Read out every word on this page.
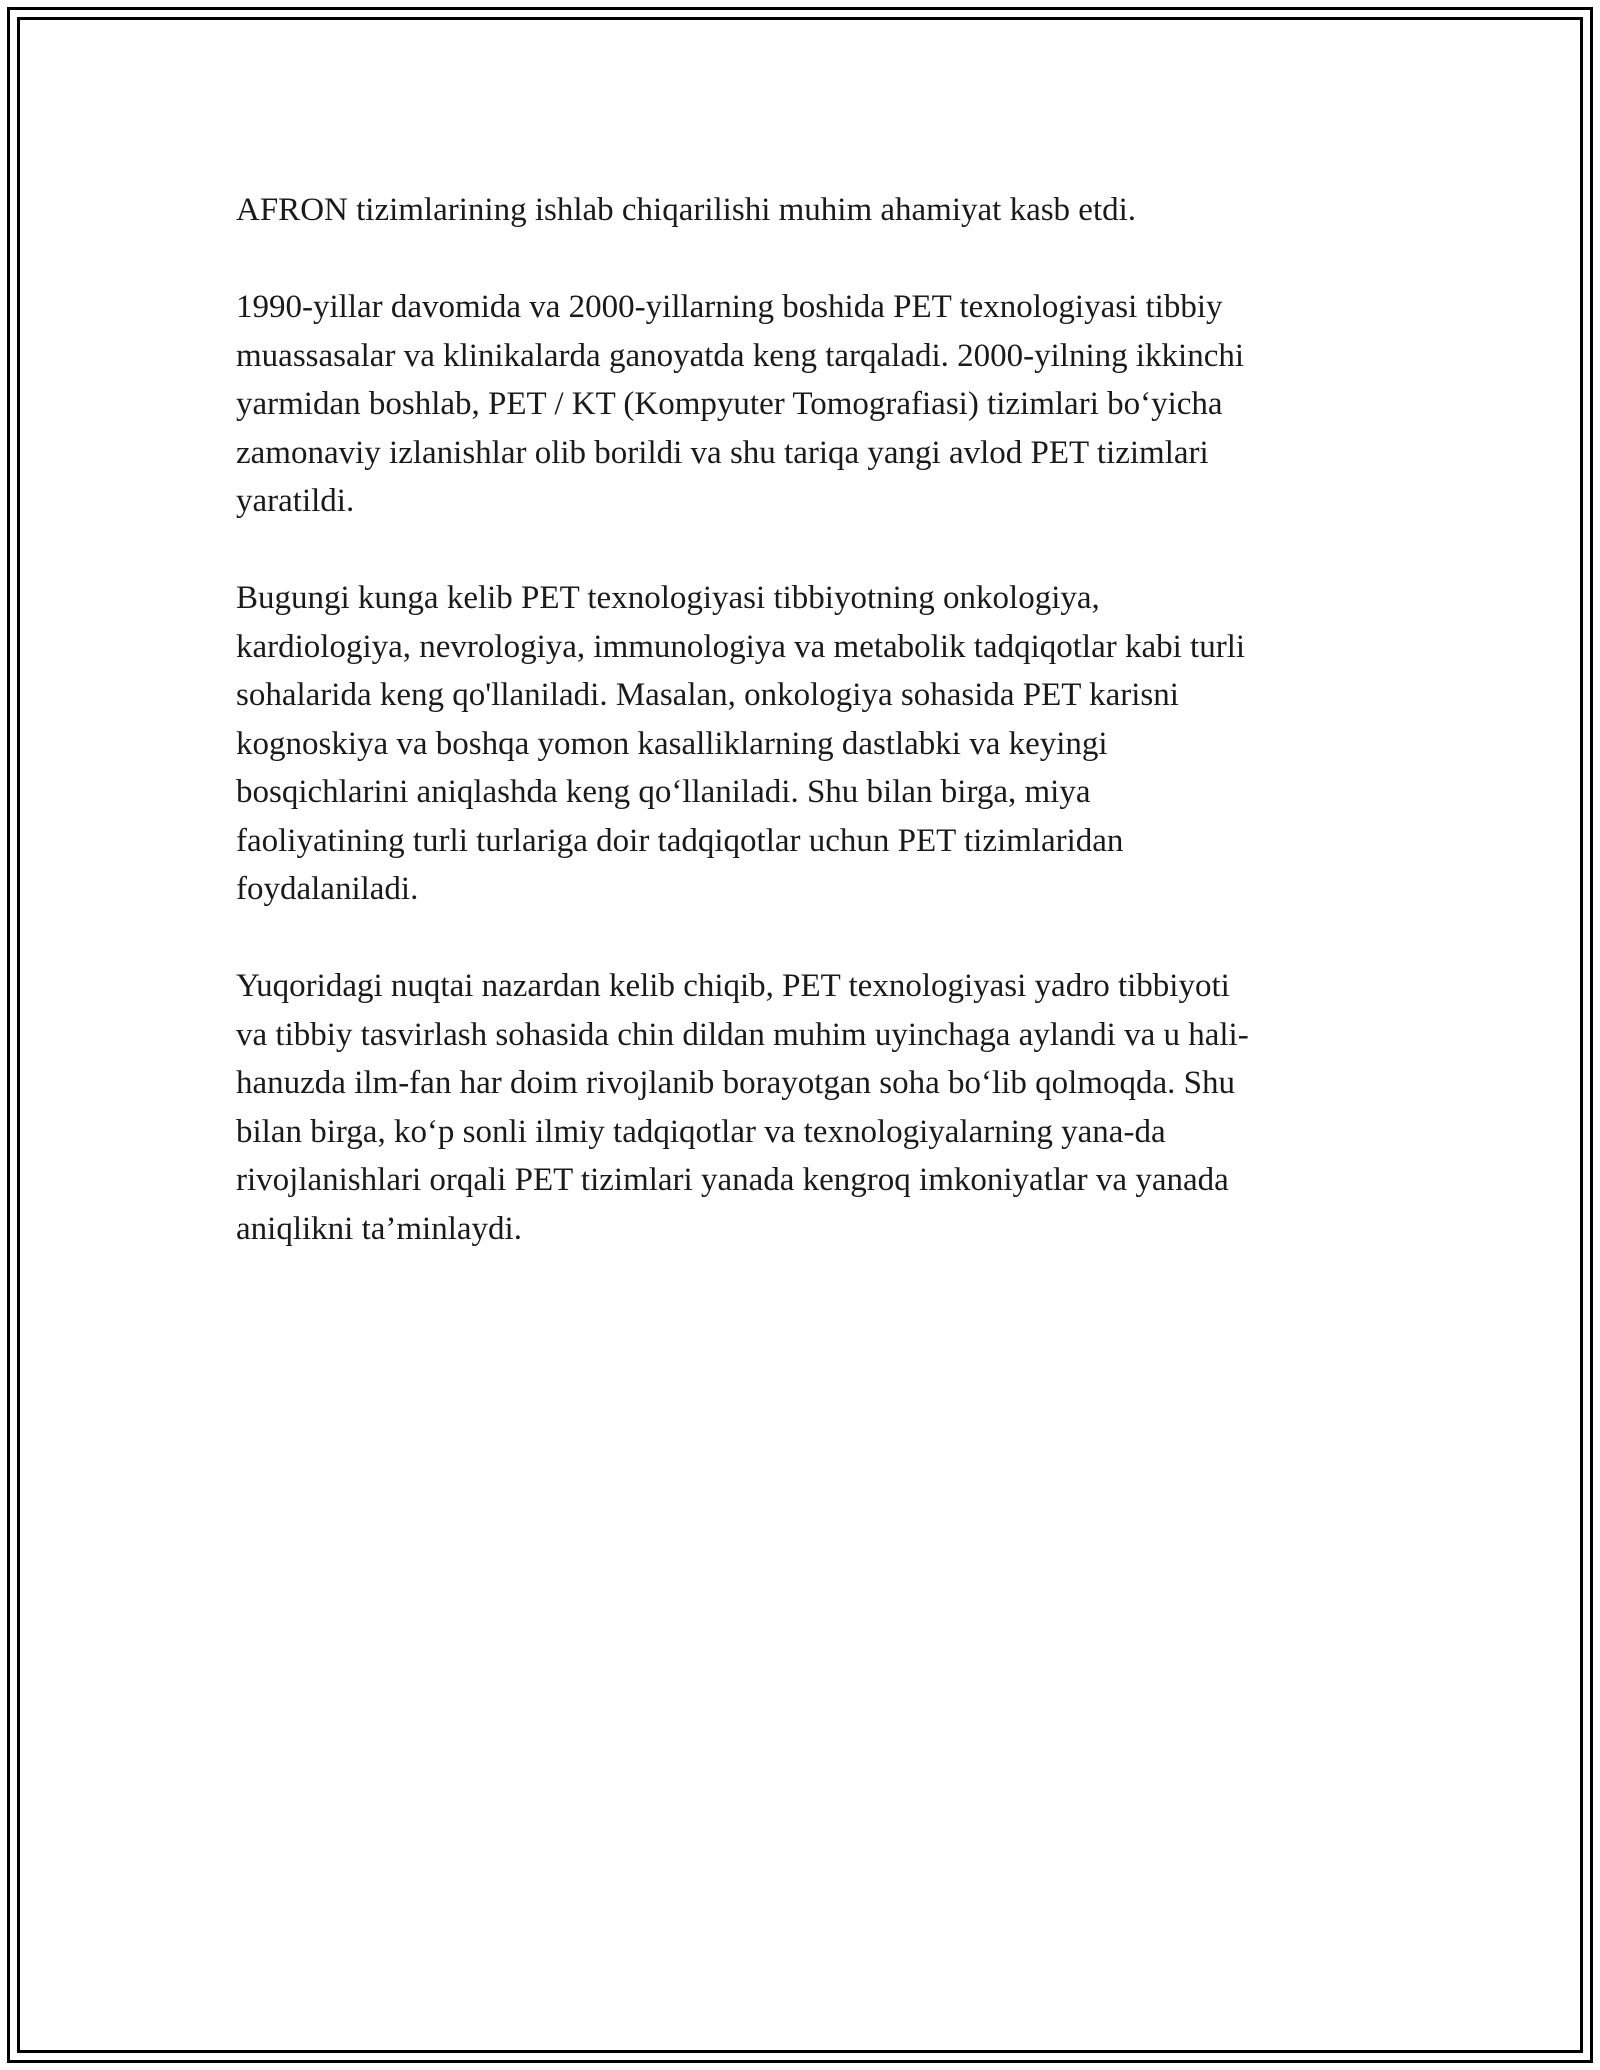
AFRON tizimlarining ishlab chiqarilishi muhim ahamiyat kasb etdi.

1990-yillar davomida va 2000-yillarning boshida PET texnologiyasi tibbiy
muassasalar va klinikalarda ganoyatda keng tarqaladi. 2000-yilning ikkinchi
yarmidan boshlab, PET / KT (Kompyuter Tomografiasi) tizimlari bo‘yicha
zamonaviy izlanishlar olib borildi va shu tariqa yangi avlod PET tizimlari
yaratildi.

Bugungi kunga kelib PET texnologiyasi tibbiyotning onkologiya,
kardiologiya, nevrologiya, immunologiya va metabolik tadqiqotlar kabi turli
sohalarida keng qo'llaniladi. Masalan, onkologiya sohasida PET karisni
kognoskiya va boshqa yomon kasalliklarning dastlabki va keyingi
bosqichlarini aniqlashda keng qo‘llaniladi. Shu bilan birga, miya
faoliyatining turli turlariga doir tadqiqotlar uchun PET tizimlaridan
foydalaniladi.

Yuqoridagi nuqtai nazardan kelib chiqib, PET texnologiyasi yadro tibbiyoti
va tibbiy tasvirlash sohasida chin dildan muhim uyinchaga aylandi va u hali-
hanuzda ilm-fan har doim rivojlanib borayotgan soha bo‘lib qolmoqda. Shu
bilan birga, ko‘p sonli ilmiy tadqiqotlar va texnologiyalarning yana-da
rivojlanishlari orqali PET tizimlari yanada kengroq imkoniyatlar va yanada
aniqlikni ta’minlaydi.
